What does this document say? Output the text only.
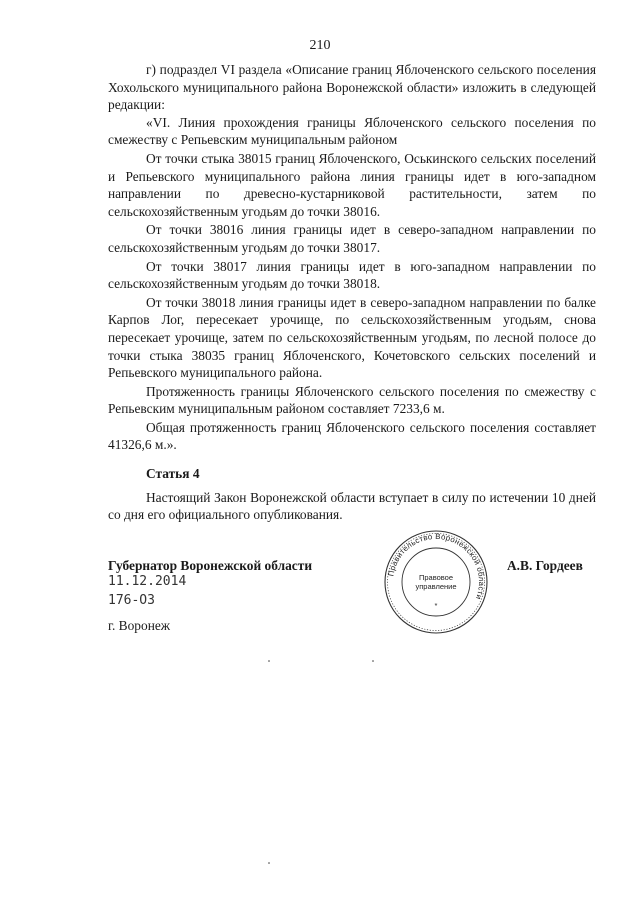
210

г) подраздел VI раздела «Описание границ Яблоченского сельского поселения Хохольского муниципального района Воронежской области» изложить в следующей редакции:

«VI. Линия прохождения границы Яблоченского сельского поселения по смежеству с Репьевским муниципальным районом

От точки стыка 38015 границ Яблоченского, Оськинского сельских поселений и Репьевского муниципального района линия границы идет в юго-западном направлении по древесно-кустарниковой растительности, затем по сельскохозяйственным угодьям до точки 38016.

От точки 38016 линия границы идет в северо-западном направлении по сельскохозяйственным угодьям до точки 38017.

От точки 38017 линия границы идет в юго-западном направлении по сельскохозяйственным угодьям до точки 38018.

От точки 38018 линия границы идет в северо-западном направлении по балке Карпов Лог, пересекает урочище, по сельскохозяйственным угодьям, снова пересекает урочище, затем по сельскохозяйственным угодьям, по лесной полосе до точки стыка 38035 границ Яблоченского, Кочетовского сельских поселений и Репьевского муниципального района.

Протяженность границы Яблоченского сельского поселения по смежеству с Репьевским муниципальным районом составляет 7233,6 м.

Общая протяженность границ Яблоченского сельского поселения составляет 41326,6 м.».

Статья 4

Настоящий Закон Воронежской области вступает в силу по истечении 10 дней со дня его официального опубликования.

Губернатор Воронежской области
11.12.2014
176-ОЗ
г. Воронеж
А.В. Гордеев
Правительство Воронежской области
Правовое
управление
*
